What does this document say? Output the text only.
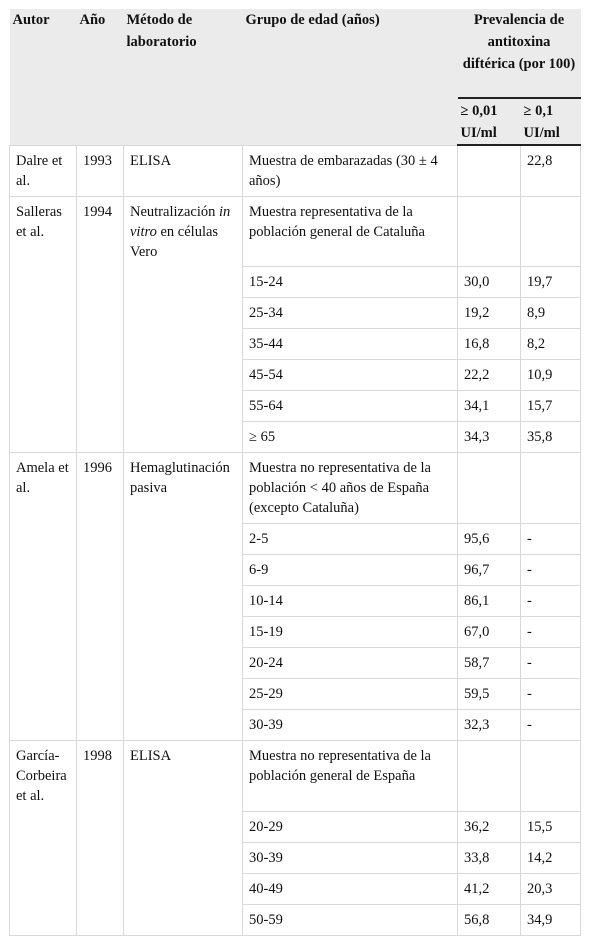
Autor	Año	Método de laboratorio	Grupo de edad (años)	Prevalencia de antitoxina diftérica (por 100)	
				≥ 0,01 UI/ml	≥ 0,1 UI/ml
Dalre et al.	1993	ELISA	Muestra de embarazadas (30 ± 4 años)		22,8
Salleras et al.	1994	Neutralización in vitro en células Vero	Muestra representativa de la población general de Cataluña		
			15-24	30,0	19,7
			25-34	19,2	8,9
			35-44	16,8	8,2
			45-54	22,2	10,9
			55-64	34,1	15,7
			≥ 65	34,3	35,8
Amela et al.	1996	Hemaglutinación pasiva	Muestra no representativa de la población < 40 años de España (excepto Cataluña)		
			2-5	95,6	-
			6-9	96,7	-
			10-14	86,1	-
			15-19	67,0	-
			20-24	58,7	-
			25-29	59,5	-
			30-39	32,3	-
García-Corbeira et al.	1998	ELISA	Muestra no representativa de la población general de España		
			20-29	36,2	15,5
			30-39	33,8	14,2
			40-49	41,2	20,3
			50-59	56,8	34,9
